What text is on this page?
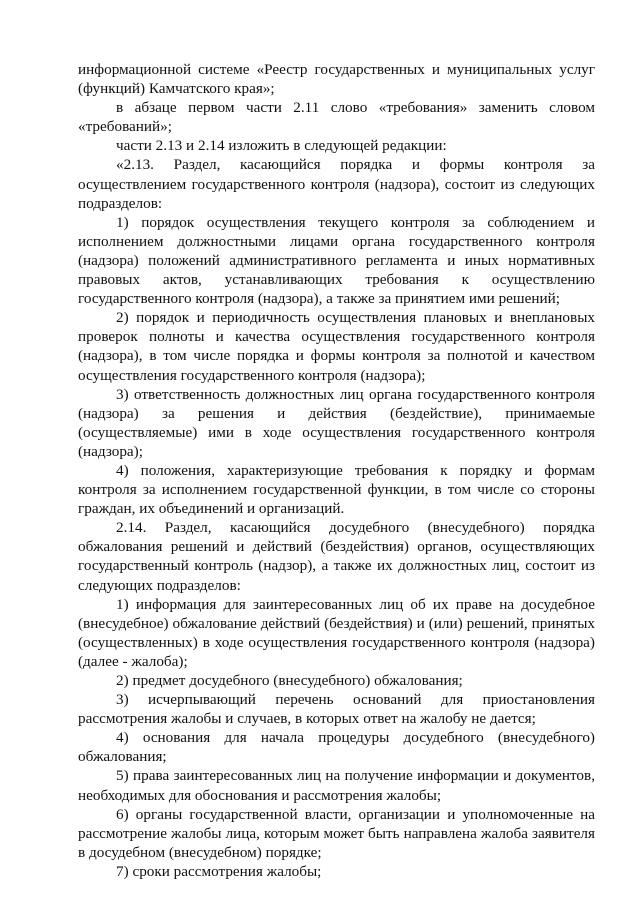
информационной системе «Реестр государственных и муниципальных услуг (функций) Камчатского края»;

в абзаце первом части 2.11 слово «требования» заменить словом «требований»;

части 2.13 и 2.14 изложить в следующей редакции:

«2.13. Раздел, касающийся порядка и формы контроля за осуществлением государственного контроля (надзора), состоит из следующих подразделов:

1) порядок осуществления текущего контроля за соблюдением и исполнением должностными лицами органа государственного контроля (надзора) положений административного регламента и иных нормативных правовых актов, устанавливающих требования к осуществлению государственного контроля (надзора), а также за принятием ими решений;

2) порядок и периодичность осуществления плановых и внеплановых проверок полноты и качества осуществления государственного контроля (надзора), в том числе порядка и формы контроля за полнотой и качеством осуществления государственного контроля (надзора);

3) ответственность должностных лиц органа государственного контроля (надзора) за решения и действия (бездействие), принимаемые (осуществляемые) ими в ходе осуществления государственного контроля (надзора);

4) положения, характеризующие требования к порядку и формам контроля за исполнением государственной функции, в том числе со стороны граждан, их объединений и организаций.

2.14. Раздел, касающийся досудебного (внесудебного) порядка обжалования решений и действий (бездействия) органов, осуществляющих государственный контроль (надзор), а также их должностных лиц, состоит из следующих подразделов:

1) информация для заинтересованных лиц об их праве на досудебное (внесудебное) обжалование действий (бездействия) и (или) решений, принятых (осуществленных) в ходе осуществления государственного контроля (надзора) (далее - жалоба);

2) предмет досудебного (внесудебного) обжалования;

3) исчерпывающий перечень оснований для приостановления рассмотрения жалобы и случаев, в которых ответ на жалобу не дается;

4) основания для начала процедуры досудебного (внесудебного) обжалования;

5) права заинтересованных лиц на получение информации и документов, необходимых для обоснования и рассмотрения жалобы;

6) органы государственной власти, организации и уполномоченные на рассмотрение жалобы лица, которым может быть направлена жалоба заявителя в досудебном (внесудебном) порядке;

7) сроки рассмотрения жалобы;
